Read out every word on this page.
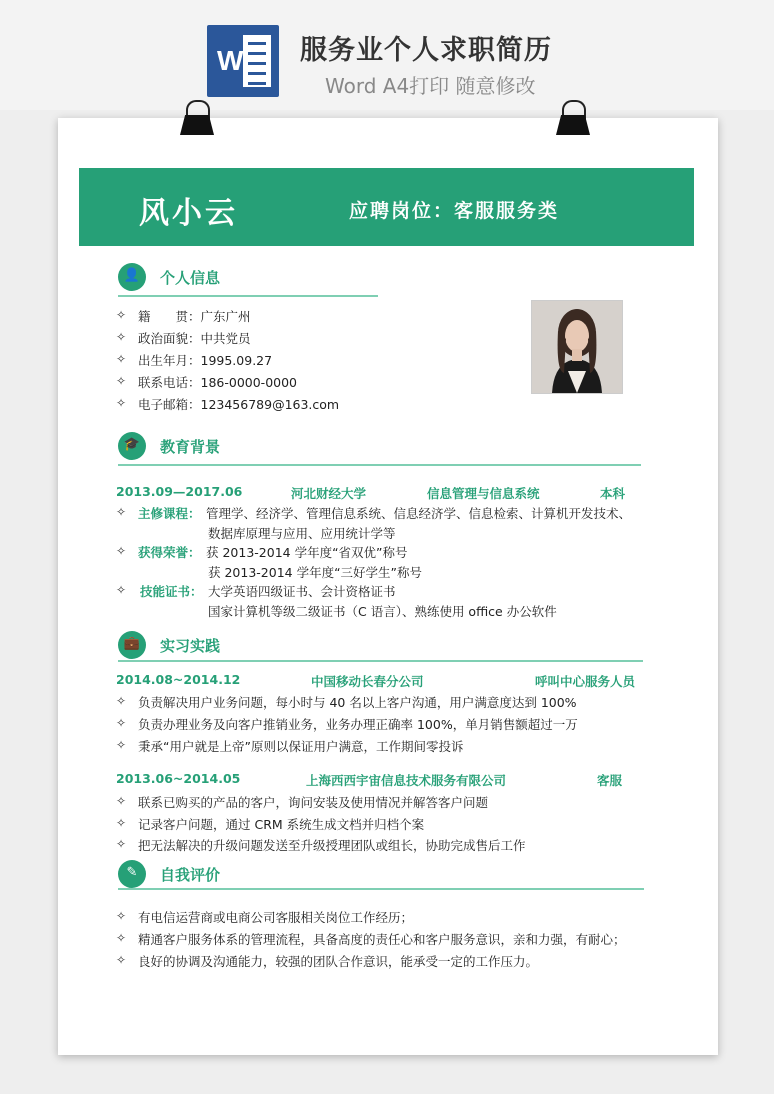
W 服务业个人求职简历
Word A4打印 随意修改
风小云	应聘岗位：客服服务类
👤	个人信息
✧ 籍　　贯：广东广州
✧ 政治面貌：中共党员
✧ 出生年月：1995.09.27
✧ 联系电话：186-0000-0000
✧ 电子邮箱：123456789@163.com
🎓	教育背景
2013.09—2017.06	河北财经大学	信息管理与信息系统	本科
✧ 主修课程： 管理学、经济学、管理信息系统、信息经济学、信息检索、计算机开发技术、
数据库原理与应用、应用统计学等
✧ 获得荣誉： 获 2013-2014 学年度“省双优”称号
获 2013-2014 学年度“三好学生”称号
✧ 技能证书： 大学英语四级证书、会计资格证书
国家计算机等级二级证书（C 语言）、熟练使用 office 办公软件
💼	实习实践
2014.08~2014.12	中国移动长春分公司	呼叫中心服务人员
✧ 负责解决用户业务问题，每小时与 40 名以上客户沟通，用户满意度达到 100%
✧ 负责办理业务及向客户推销业务，业务办理正确率 100%，单月销售额超过一万
✧ 秉承“用户就是上帝”原则以保证用户满意，工作期间零投诉
2013.06~2014.05	上海西西宇宙信息技术服务有限公司	客服
✧ 联系已购买的产品的客户，询问安装及使用情况并解答客户问题
✧ 记录客户问题，通过 CRM 系统生成文档并归档个案
✧ 把无法解决的升级问题发送至升级授理团队或组长，协助完成售后工作
✎	自我评价
✧ 有电信运营商或电商公司客服相关岗位工作经历；
✧ 精通客户服务体系的管理流程，具备高度的责任心和客户服务意识，亲和力强，有耐心；
✧ 良好的协调及沟通能力，较强的团队合作意识，能承受一定的工作压力。
